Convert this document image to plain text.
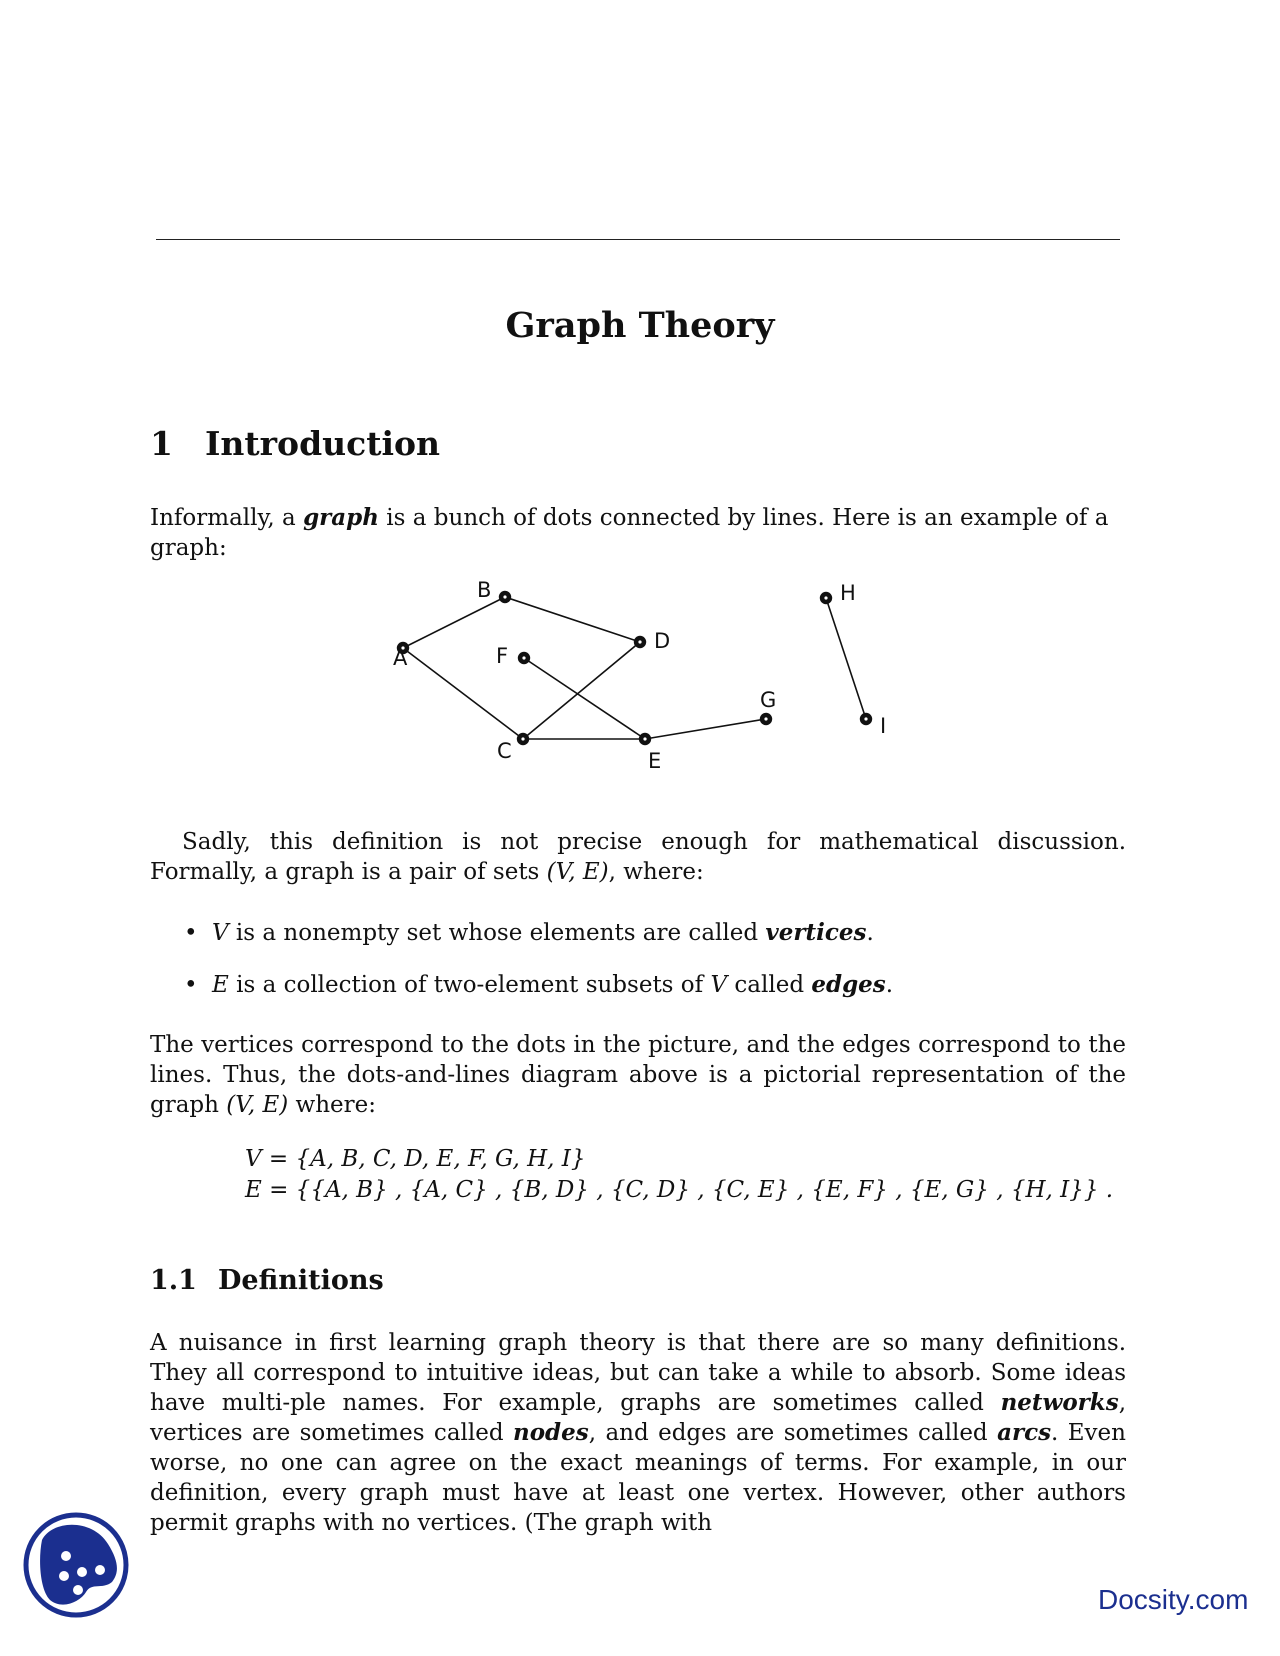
Graph Theory
1 Introduction

Informally, a graph is a bunch of dots connected by lines. Here is an example of a graph:

A
B
C
D
E
F
G
H
I

Sadly, this definition is not precise enough for mathematical discussion. Formally, a graph is a pair of sets (V, E), where:

• V is a nonempty set whose elements are called vertices.
• E is a collection of two-element subsets of V called edges.

The vertices correspond to the dots in the picture, and the edges correspond to the lines. Thus, the dots-and-lines diagram above is a pictorial representation of the graph (V, E) where:

V = {A, B, C, D, E, F, G, H, I}
E = {{A, B} , {A, C} , {B, D} , {C, D} , {C, E} , {E, F} , {E, G} , {H, I}} .
1.1 Definitions

A nuisance in first learning graph theory is that there are so many definitions. They all correspond to intuitive ideas, but can take a while to absorb. Some ideas have multi-ple names. For example, graphs are sometimes called networks, vertices are sometimes called nodes, and edges are sometimes called arcs. Even worse, no one can agree on the exact meanings of terms. For example, in our definition, every graph must have at least one vertex. However, other authors permit graphs with no vertices. (The graph with

Docsity.com
